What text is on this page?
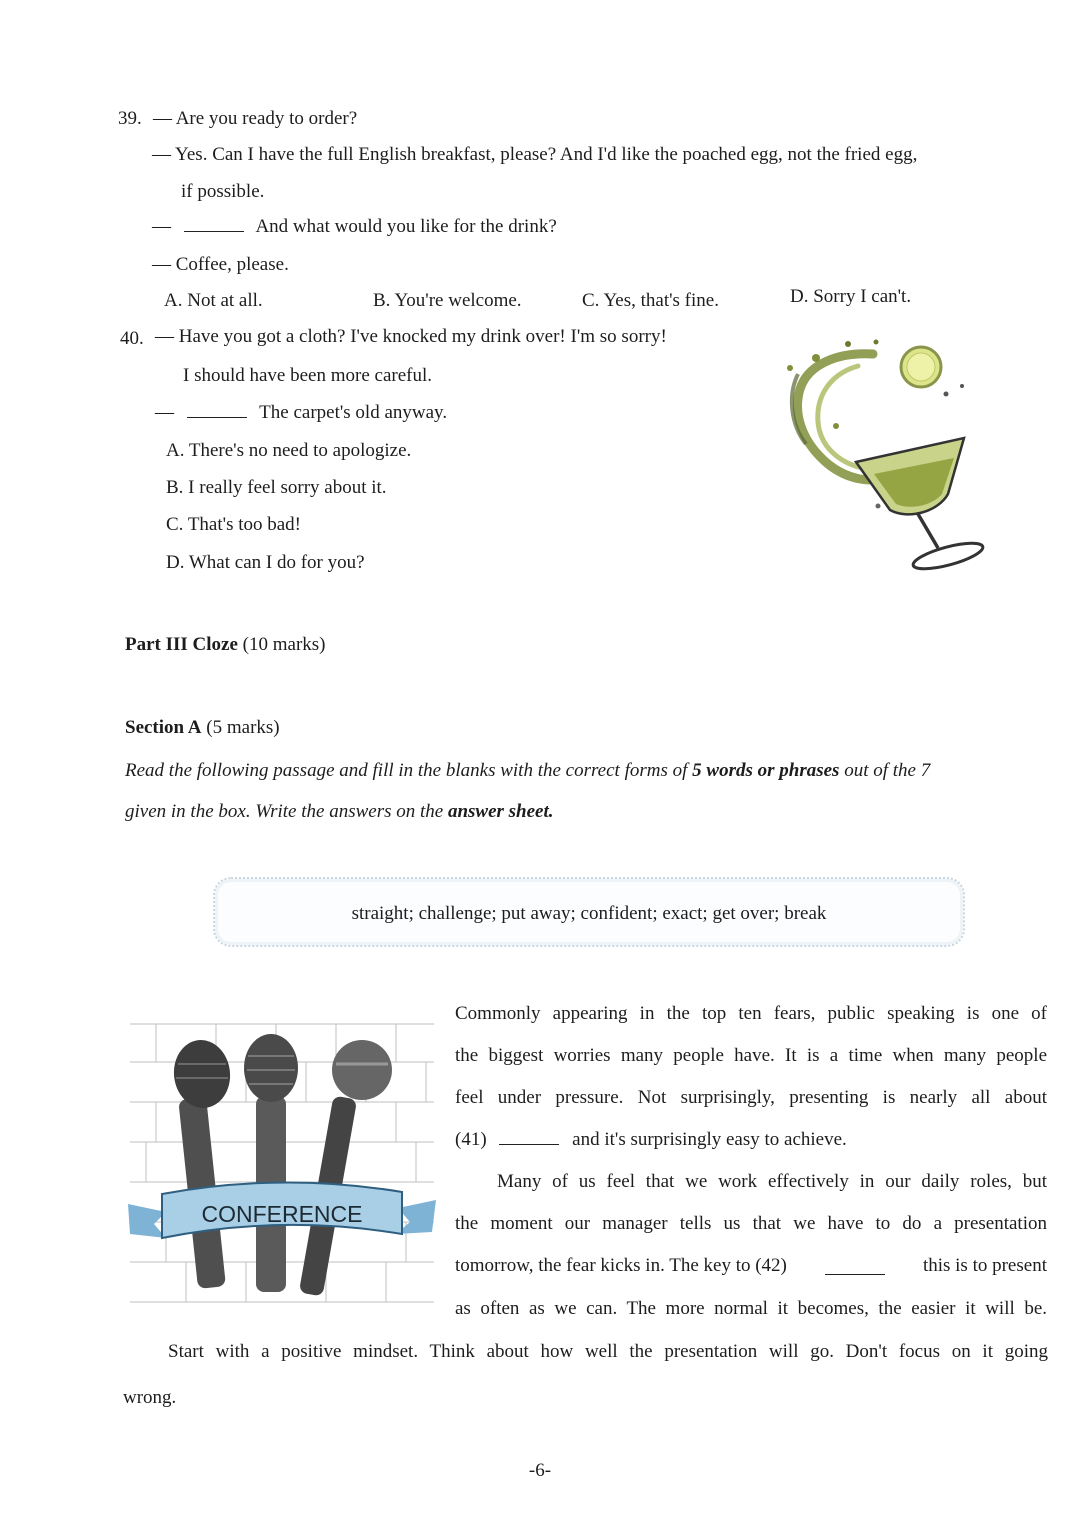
39. — Are you ready to order?
— Yes. Can I have the full English breakfast, please? And I'd like the poached egg, not the fried egg,
if possible.
—	And what would you like for the drink?
— Coffee, please.
A. Not at all.	B. You're welcome.	C. Yes, that's fine.	D. Sorry I can't.
40. — Have you got a cloth? I've knocked my drink over! I'm so sorry!
I should have been more careful.
—	The carpet's old anyway.
A. There's no need to apologize.
B. I really feel sorry about it.
C. That's too bad!
D. What can I do for you?
Part III Cloze (10 marks)
Section A (5 marks)
Read the following passage and fill in the blanks with the correct forms of 5 words or phrases out of the 7
given in the box. Write the answers on the answer sheet.
straight; challenge; put away; confident; exact; get over; break
CONFERENCE
Commonly appearing in the top ten fears, public speaking is one of
the biggest worries many people have. It is a time when many people
feel under pressure. Not surprisingly, presenting is nearly all about
(41)	and it's surprisingly easy to achieve.
Many of us feel that we work effectively in our daily roles, but
the moment our manager tells us that we have to do a presentation
tomorrow, the fear kicks in. The key to (42)	this is to present
as often as we can. The more normal it becomes, the easier it will be.
Start with a positive mindset. Think about how well the presentation will go. Don't focus on it going
wrong.
-6-
